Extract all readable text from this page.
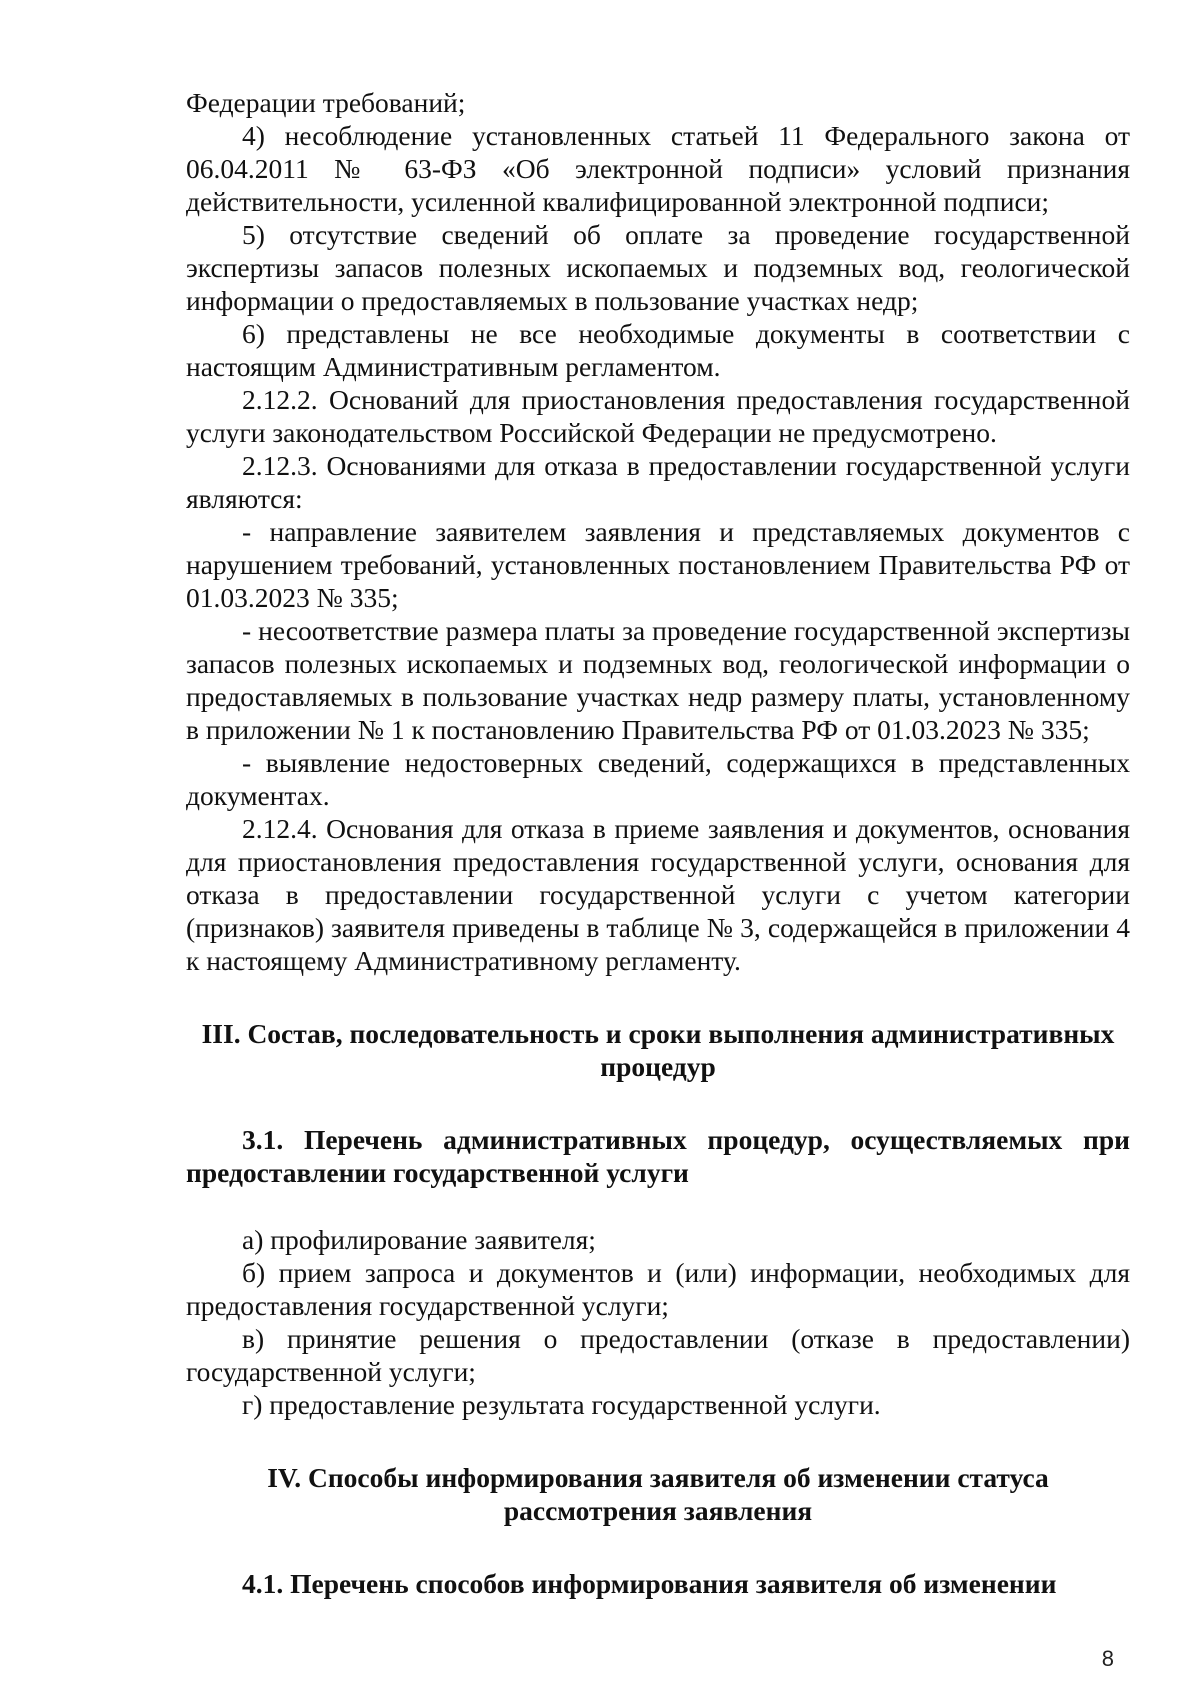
Федерации требований;

4) несоблюдение установленных статьей 11 Федерального закона от 06.04.2011 № 63-ФЗ «Об электронной подписи» условий признания действительности, усиленной квалифицированной электронной подписи;

5) отсутствие сведений об оплате за проведение государственной экспертизы запасов полезных ископаемых и подземных вод, геологической информации о предоставляемых в пользование участках недр;

6) представлены не все необходимые документы в соответствии с настоящим Административным регламентом.

2.12.2. Оснований для приостановления предоставления государственной услуги законодательством Российской Федерации не предусмотрено.

2.12.3. Основаниями для отказа в предоставлении государственной услуги являются:

- направление заявителем заявления и представляемых документов с нарушением требований, установленных постановлением Правительства РФ от 01.03.2023 № 335;

- несоответствие размера платы за проведение государственной экспертизы запасов полезных ископаемых и подземных вод, геологической информации о предоставляемых в пользование участках недр размеру платы, установленному в приложении № 1 к постановлению Правительства РФ от 01.03.2023 № 335;

- выявление недостоверных сведений, содержащихся в представленных документах.

2.12.4. Основания для отказа в приеме заявления и документов, основания для приостановления предоставления государственной услуги, основания для отказа в предоставлении государственной услуги с учетом категории (признаков) заявителя приведены в таблице № 3, содержащейся в приложении 4 к настоящему Административному регламенту.

III. Состав, последовательность и сроки выполнения административных процедур

3.1. Перечень административных процедур, осуществляемых при предоставлении государственной услуги

а) профилирование заявителя;

б) прием запроса и документов и (или) информации, необходимых для предоставления государственной услуги;

в) принятие решения о предоставлении (отказе в предоставлении) государственной услуги;

г) предоставление результата государственной услуги.

IV. Способы информирования заявителя об изменении статуса рассмотрения заявления

4.1. Перечень способов информирования заявителя об изменении

8
